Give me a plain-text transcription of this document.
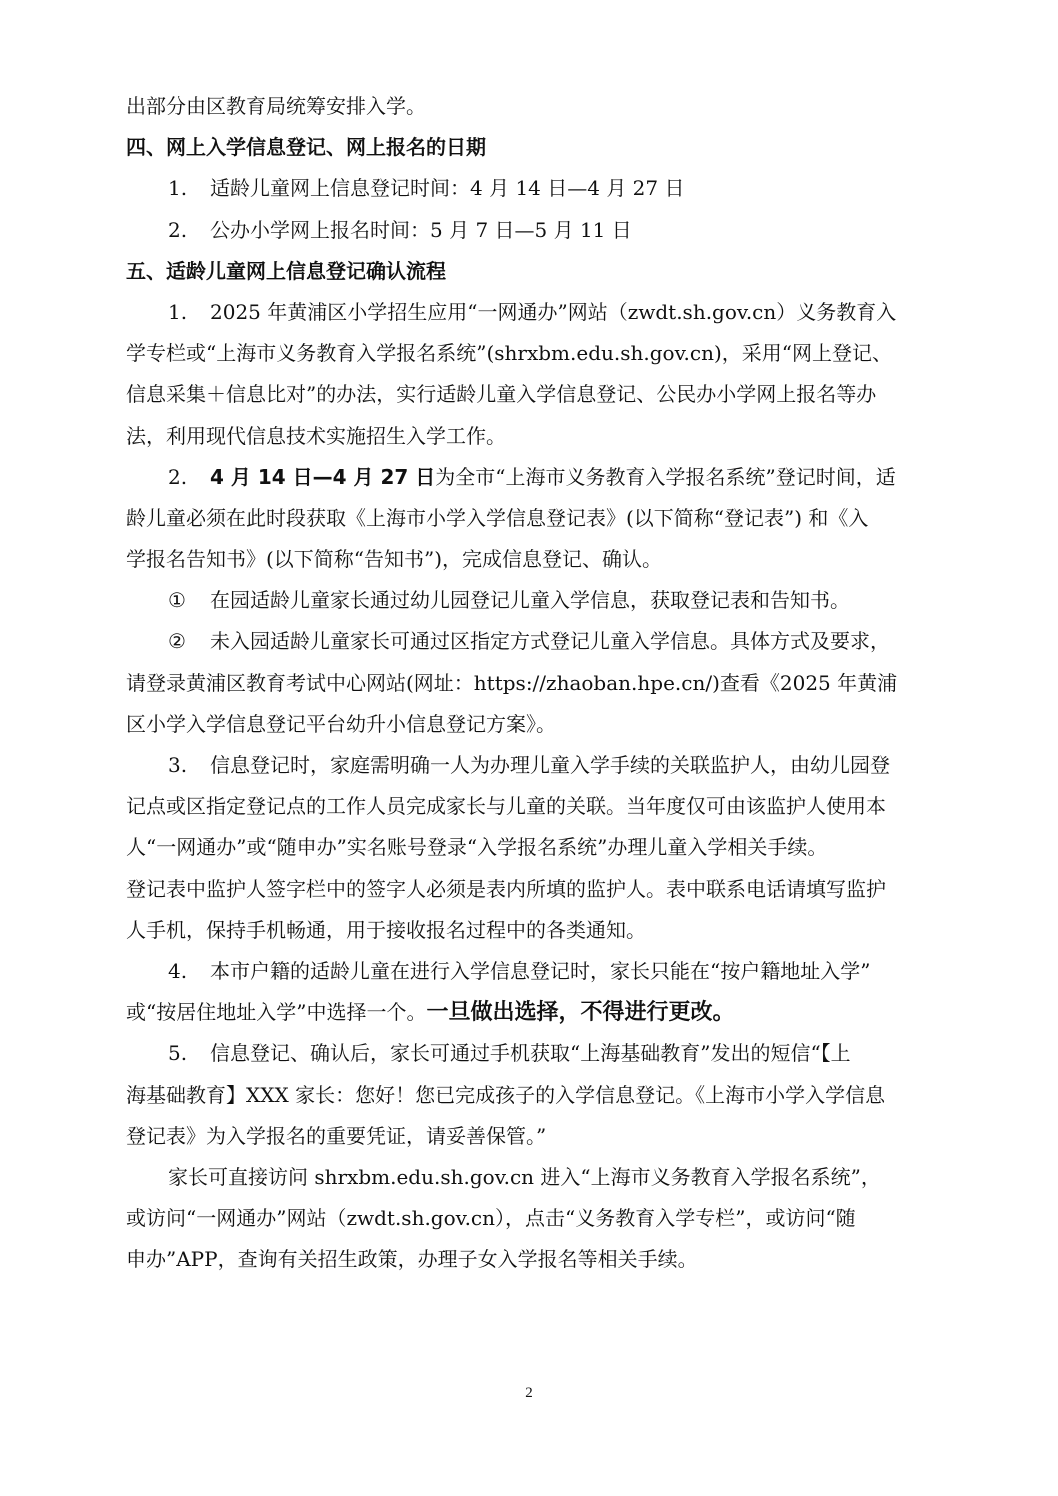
出部分由区教育局统筹安排入学。
四、网上入学信息登记、网上报名的日期
1. 适龄儿童网上信息登记时间：4 月 14 日—4 月 27 日
2. 公办小学网上报名时间：5 月 7 日—5 月 11 日
五、适龄儿童网上信息登记确认流程
1. 2025 年黄浦区小学招生应用“一网通办”网站（zwdt.sh.gov.cn）义务教育入
学专栏或“上海市义务教育入学报名系统”(shrxbm.edu.sh.gov.cn)，采用“网上登记、
信息采集＋信息比对”的办法，实行适龄儿童入学信息登记、公民办小学网上报名等办
法，利用现代信息技术实施招生入学工作。
2. 4 月 14 日—4 月 27 日为全市“上海市义务教育入学报名系统”登记时间，适
龄儿童必须在此时段获取《上海市小学入学信息登记表》(以下简称“登记表”) 和《入
学报名告知书》(以下简称“告知书”)，完成信息登记、确认。
① 在园适龄儿童家长通过幼儿园登记儿童入学信息，获取登记表和告知书。
② 未入园适龄儿童家长可通过区指定方式登记儿童入学信息。具体方式及要求，
请登录黄浦区教育考试中心网站(网址：https://zhaoban.hpe.cn/)查看《2025 年黄浦
区小学入学信息登记平台幼升小信息登记方案》。
3. 信息登记时，家庭需明确一人为办理儿童入学手续的关联监护人，由幼儿园登
记点或区指定登记点的工作人员完成家长与儿童的关联。当年度仅可由该监护人使用本
人“一网通办”或“随申办”实名账号登录“入学报名系统”办理儿童入学相关手续。
登记表中监护人签字栏中的签字人必须是表内所填的监护人。表中联系电话请填写监护
人手机，保持手机畅通，用于接收报名过程中的各类通知。
4. 本市户籍的适龄儿童在进行入学信息登记时，家长只能在“按户籍地址入学”
或“按居住地址入学”中选择一个。一旦做出选择，不得进行更改。
5. 信息登记、确认后，家长可通过手机获取“上海基础教育”发出的短信“【上
海基础教育】XXX 家长：您好！您已完成孩子的入学信息登记。《上海市小学入学信息
登记表》为入学报名的重要凭证，请妥善保管。”
家长可直接访问 shrxbm.edu.sh.gov.cn 进入“上海市义务教育入学报名系统”，
或访问“一网通办”网站（zwdt.sh.gov.cn），点击“义务教育入学专栏”，或访问“随
申办”APP，查询有关招生政策，办理子女入学报名等相关手续。
2
